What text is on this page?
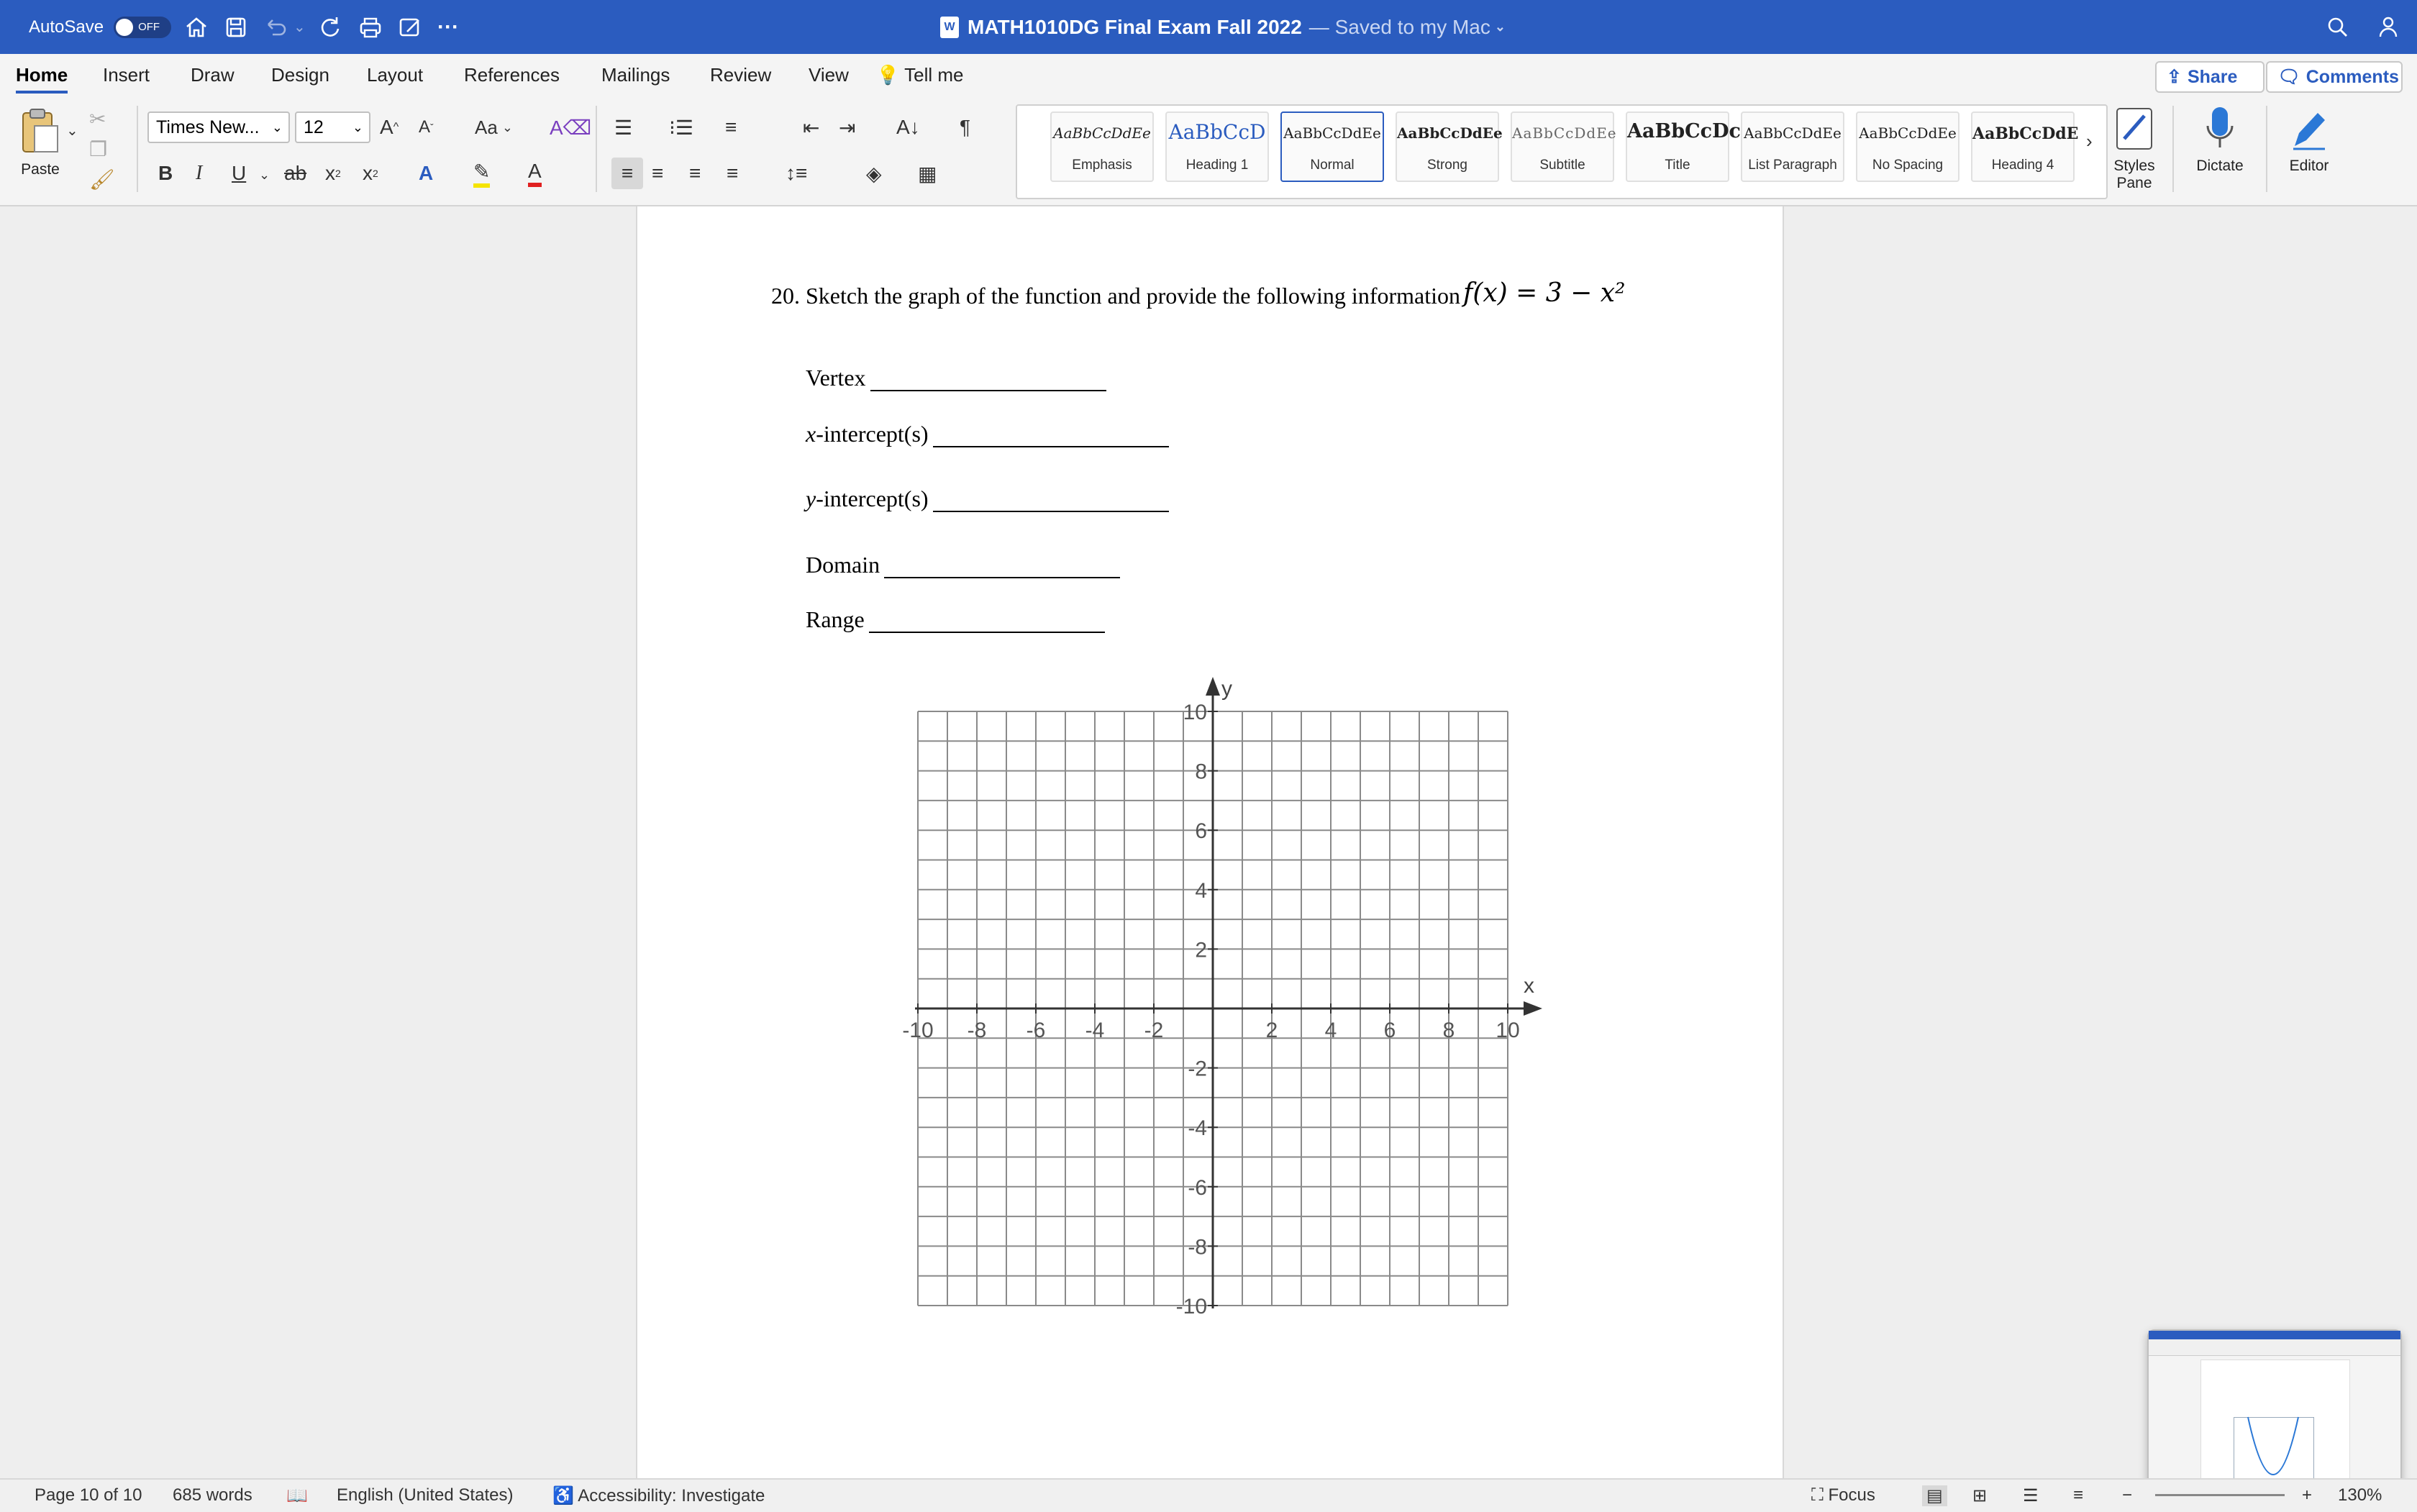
AutoSave	OFF	⌄	···	W MATH1010DG Final Exam Fall 2022 — Saved to my Mac ⌄
Home Insert Draw Design Layout References Mailings Review View 💡 Tell me	⇪ Share 🗨 Comments
Paste
⌄
✂
❐
🖌
Times New... ⌄ 12 ⌄ A ^ A ˇ Aa ⌄ A⌫
B I U ⌄ ab x 2 x 2 A ✎ A
☰ ⁝☰ ≡	⇤ ⇥ A↓ ¶
≡ ≡ ≡ ≡ ↕≡	◈ ▦
AaBbCcDdEe
Emphasis
AaBbCcD
Heading 1
AaBbCcDdEe
Normal
AaBbCcDdEe
Strong
AaBbCcDdEe
Subtitle
AaBbCcDc
Title
AaBbCcDdEe
List Paragraph
AaBbCcDdEe
No Spacing
AaBbCcDdE
Heading 4
›
Styles Pane
Dictate	Editor
20. Sketch the graph of the function and provide the following information f(x) = 3 − x²
Vertex
x-intercept(s)
y-intercept(s)
Domain
Range
x
y
-10 -8 -6 -4 -2	2 4 6 8 10
10
8
6
4
2
-2
-4
-6
-8
-10
Page 10 of 10 685 words 📖 English (United States) ♿ Accessibility: Investigate	⛶ Focus	▤ ⊞ ☰ ≡ −	+ 130%
